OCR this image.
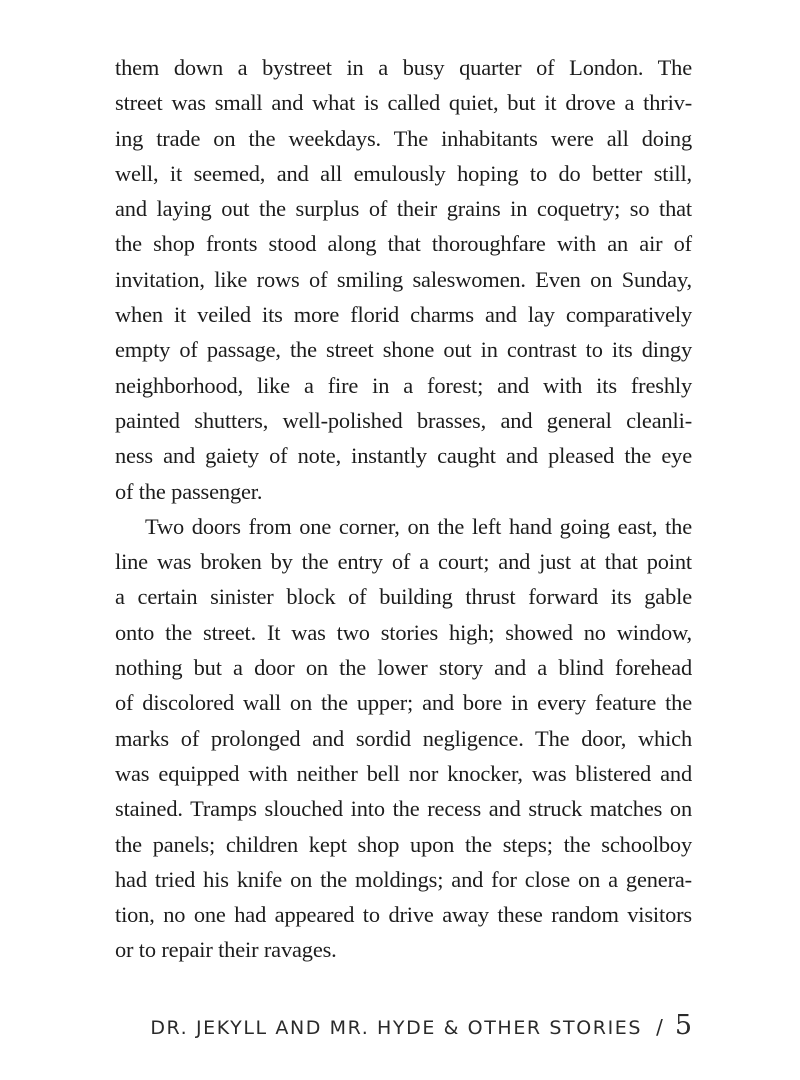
them down a bystreet in a busy quarter of London. The
street was small and what is called quiet, but it drove a thriv-
ing trade on the weekdays. The inhabitants were all doing
well, it seemed, and all emulously hoping to do better still,
and laying out the surplus of their grains in coquetry; so that
the shop fronts stood along that thoroughfare with an air of
invitation, like rows of smiling saleswomen. Even on Sunday,
when it veiled its more florid charms and lay comparatively
empty of passage, the street shone out in contrast to its dingy
neighborhood, like a fire in a forest; and with its freshly
painted shutters, well-polished brasses, and general cleanli-
ness and gaiety of note, instantly caught and pleased the eye
of the passenger.
Two doors from one corner, on the left hand going east, the
line was broken by the entry of a court; and just at that point
a certain sinister block of building thrust forward its gable
onto the street. It was two stories high; showed no window,
nothing but a door on the lower story and a blind forehead
of discolored wall on the upper; and bore in every feature the
marks of prolonged and sordid negligence. The door, which
was equipped with neither bell nor knocker, was blistered and
stained. Tramps slouched into the recess and struck matches on
the panels; children kept shop upon the steps; the schoolboy
had tried his knife on the moldings; and for close on a genera-
tion, no one had appeared to drive away these random visitors
or to repair their ravages.
DR. JEKYLL AND MR. HYDE & OTHER STORIES / 5
